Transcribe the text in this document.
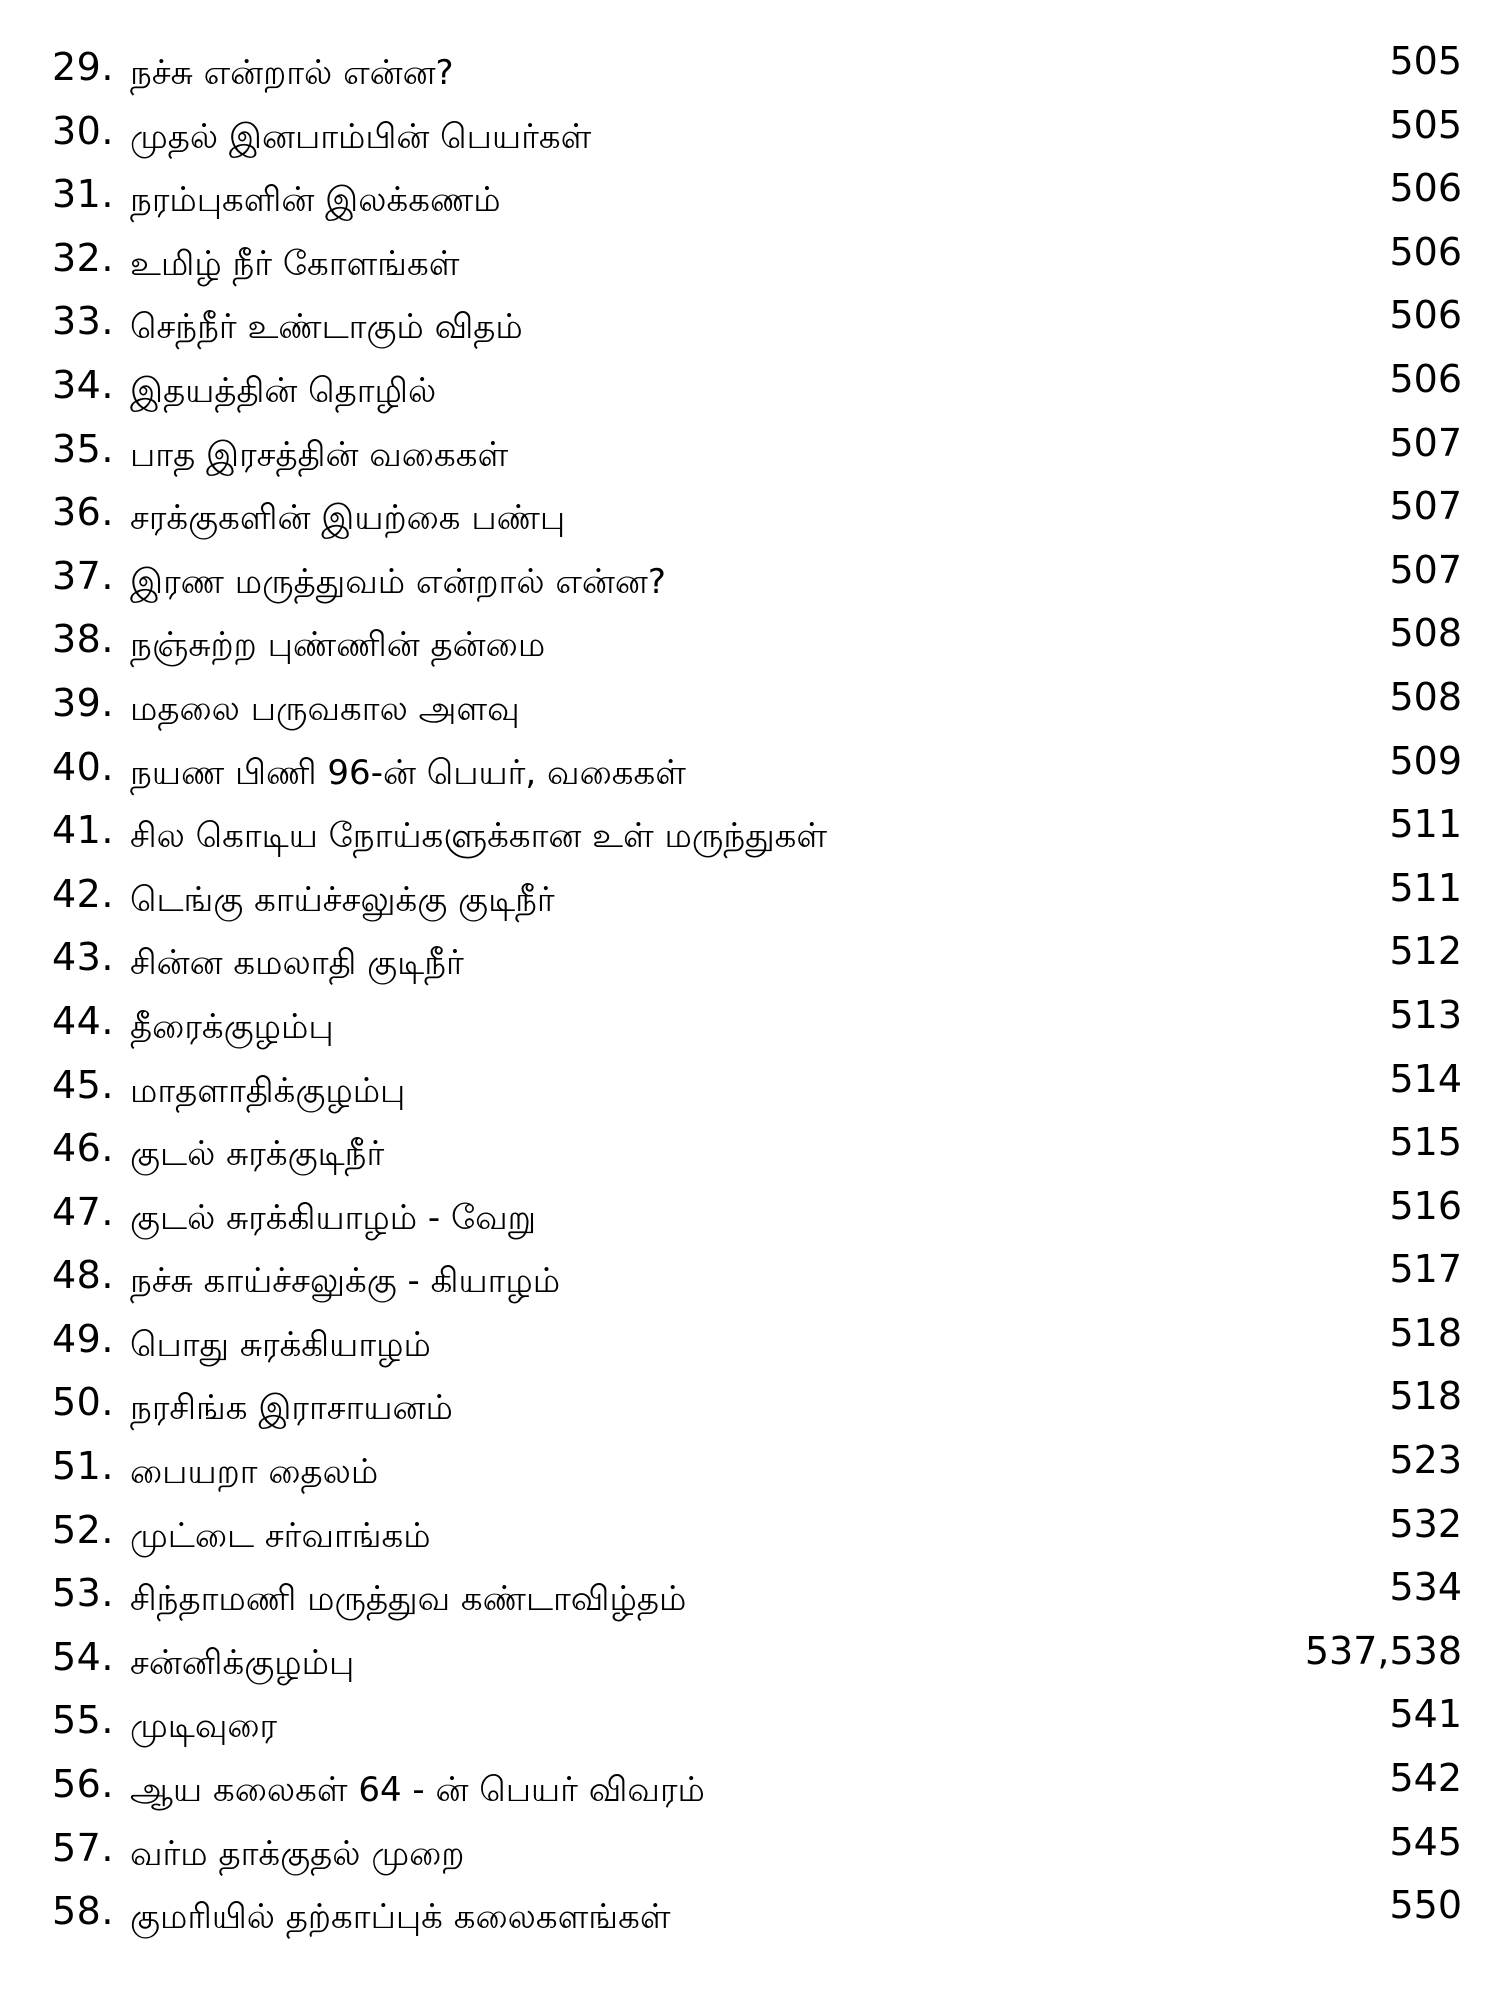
29. நச்சு என்றால் என்ன?	505
30. முதல் இனபாம்பின் பெயர்கள்	505
31. நரம்புகளின் இலக்கணம்	506
32. உமிழ் நீர் கோளங்கள்	506
33. செந்நீர் உண்டாகும் விதம்	506
34. இதயத்தின் தொழில்	506
35. பாத இரசத்தின் வகைகள்	507
36. சரக்குகளின் இயற்கை பண்பு	507
37. இரண மருத்துவம் என்றால் என்ன?	507
38. நஞ்சுற்ற புண்ணின் தன்மை	508
39. மதலை பருவகால அளவு	508
40. நயண பிணி 96-ன் பெயர், வகைகள்	509
41. சில கொடிய நோய்களுக்கான உள் மருந்துகள்	511
42. டெங்கு காய்ச்சலுக்கு குடிநீர்	511
43. சின்ன கமலாதி குடிநீர்	512
44. தீரைக்குழம்பு	513
45. மாதளாதிக்குழம்பு	514
46. குடல் சுரக்குடிநீர்	515
47. குடல் சுரக்கியாழம் - வேறு	516
48. நச்சு காய்ச்சலுக்கு - கியாழம்	517
49. பொது சுரக்கியாழம்	518
50. நரசிங்க இராசாயனம்	518
51. பையறா தைலம்	523
52. முட்டை சர்வாங்கம்	532
53. சிந்தாமணி மருத்துவ கண்டாவிழ்தம்	534
54. சன்னிக்குழம்பு	537,538
55. முடிவுரை	541
56. ஆய கலைகள் 64 - ன் பெயர் விவரம்	542
57. வர்ம தாக்குதல் முறை	545
58. குமரியில் தற்காப்புக் கலைகளங்கள்	550
